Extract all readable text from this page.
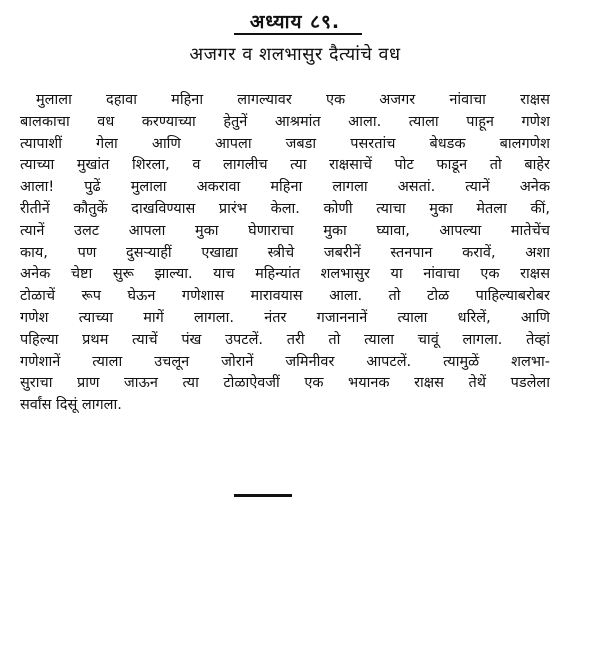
अध्याय ८९.
अजगर व शलभासुर दैत्यांचे वध
मुलाला दहावा महिना लागल्यावर एक अजगर नांवाचा राक्षस
बालकाचा वध करण्याच्या हेतुनें आश्रमांत आला. त्याला पाहून गणेश
त्यापाशीं गेला आणि आपला जबडा पसरतांच बेधडक बालगणेश
त्याच्या मुखांत शिरला, व लागलीच त्या राक्षसाचें पोट फाडून तो बाहेर
आला! पुढें मुलाला अकरावा महिना लागला असतां. त्यानें अनेक
रीतीनें कौतुकें दाखविण्यास प्रारंभ केला. कोणी त्याचा मुका मेतला कीं,
त्यानें उलट आपला मुका घेणाराचा मुका घ्यावा, आपल्या मातेचेंच
काय, पण दुसऱ्याहीं एखाद्या स्त्रीचे जबरीनें स्तनपान करावें, अशा
अनेक चेष्टा सुरू झाल्या. याच महिन्यांत शलभासुर या नांवाचा एक राक्षस
टोळाचें रूप घेऊन गणेशास मारावयास आला. तो टोळ पाहिल्याबरोबर
गणेश त्याच्या मागें लागला. नंतर गजाननानें त्याला धरिलें, आणि
पहिल्या प्रथम त्याचें पंख उपटलें. तरी तो त्याला चावूं लागला. तेव्हां
गणेशानें त्याला उचलून जोरानें जमिनीवर आपटलें. त्यामुळें शलभा-
सुराचा प्राण जाऊन त्या टोळाऐवजीं एक भयानक राक्षस तेथें पडलेला
सर्वांस दिसूं लागला.
